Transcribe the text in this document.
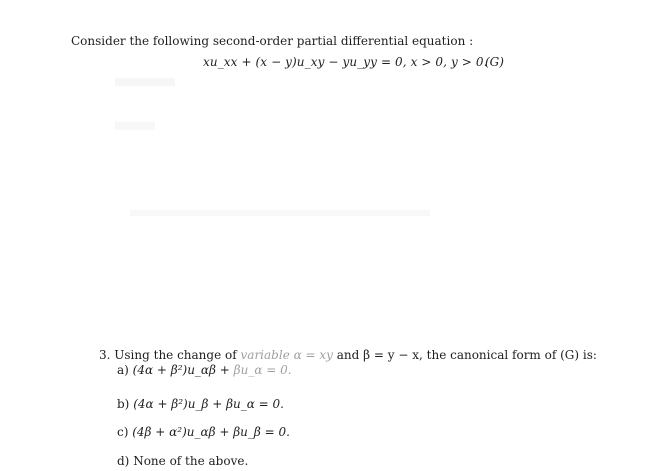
Consider the following second-order partial differential equation :
xu_xx + (x − y)u_xy − yu_yy = 0, x > 0, y > 0.
(G)
3. Using the change of variable α = xy and β = y − x, the canonical form of (G) is:
a) (4α + β²)u_αβ + βu_α = 0.
b) (4α + β²)u_β + βu_α = 0.
c) (4β + α²)u_αβ + βu_β = 0.
d) None of the above.
